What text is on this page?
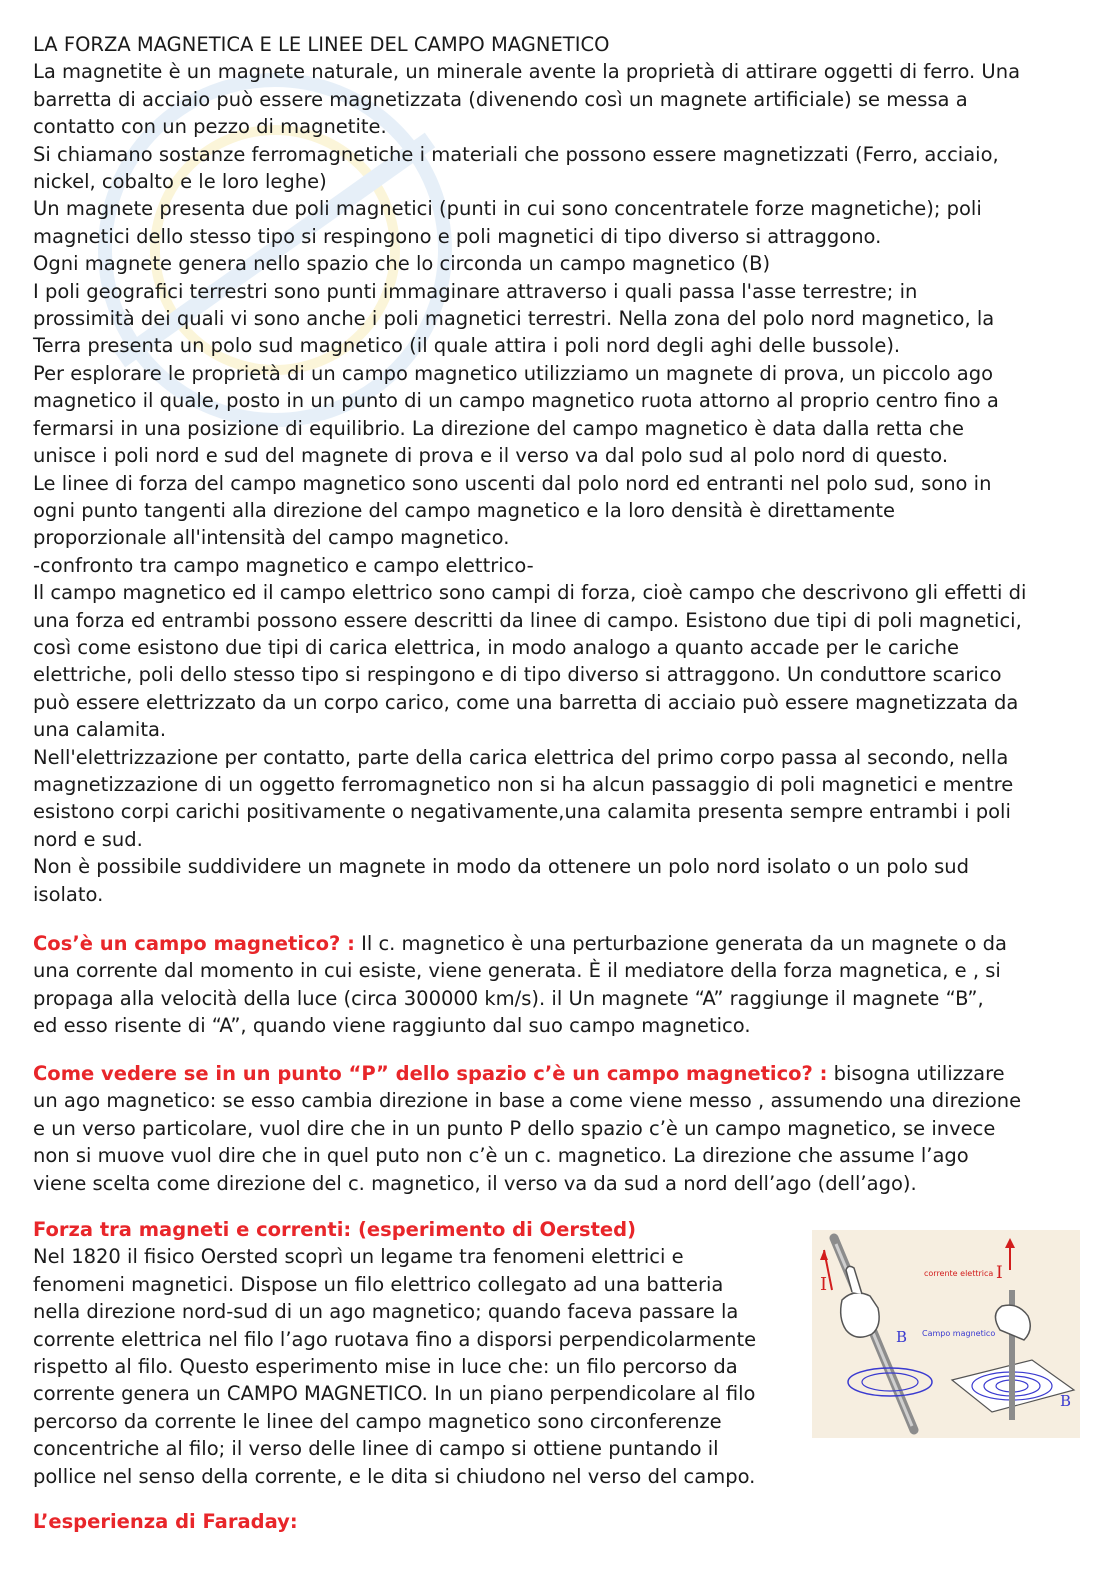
LA FORZA MAGNETICA E LE LINEE DEL CAMPO MAGNETICO
La magnetite è un magnete naturale, un minerale avente la proprietà di attirare oggetti di ferro. Una
barretta di acciaio può essere magnetizzata (divenendo così un magnete artificiale) se messa a
contatto con un pezzo di magnetite.
Si chiamano sostanze ferromagnetiche i materiali che possono essere magnetizzati (Ferro, acciaio,
nickel, cobalto e le loro leghe)
Un magnete presenta due poli magnetici (punti in cui sono concentratele forze magnetiche); poli
magnetici dello stesso tipo si respingono e poli magnetici di tipo diverso si attraggono.
Ogni magnete genera nello spazio che lo circonda un campo magnetico (B)
I poli geografici terrestri sono punti immaginare attraverso i quali passa l'asse terrestre; in
prossimità dei quali vi sono anche i poli magnetici terrestri. Nella zona del polo nord magnetico, la
Terra presenta un polo sud magnetico (il quale attira i poli nord degli aghi delle bussole).
Per esplorare le proprietà di un campo magnetico utilizziamo un magnete di prova, un piccolo ago
magnetico il quale, posto in un punto di un campo magnetico ruota attorno al proprio centro fino a
fermarsi in una posizione di equilibrio. La direzione del campo magnetico è data dalla retta che
unisce i poli nord e sud del magnete di prova e il verso va dal polo sud al polo nord di questo.
Le linee di forza del campo magnetico sono uscenti dal polo nord ed entranti nel polo sud, sono in
ogni punto tangenti alla direzione del campo magnetico e la loro densità è direttamente
proporzionale all'intensità del campo magnetico.
-confronto tra campo magnetico e campo elettrico-
Il campo magnetico ed il campo elettrico sono campi di forza, cioè campo che descrivono gli effetti di
una forza ed entrambi possono essere descritti da linee di campo. Esistono due tipi di poli magnetici,
così come esistono due tipi di carica elettrica, in modo analogo a quanto accade per le cariche
elettriche, poli dello stesso tipo si respingono e di tipo diverso si attraggono. Un conduttore scarico
può essere elettrizzato da un corpo carico, come una barretta di acciaio può essere magnetizzata da
una calamita.
Nell'elettrizzazione per contatto, parte della carica elettrica del primo corpo passa al secondo, nella
magnetizzazione di un oggetto ferromagnetico non si ha alcun passaggio di poli magnetici e mentre
esistono corpi carichi positivamente o negativamente,una calamita presenta sempre entrambi i poli
nord e sud.
Non è possibile suddividere un magnete in modo da ottenere un polo nord isolato o un polo sud
isolato.
Cos’è un campo magnetico? : Il c. magnetico è una perturbazione generata da un magnete o da
una corrente dal momento in cui esiste, viene generata. È il mediatore della forza magnetica, e , si
propaga alla velocità della luce (circa 300000 km/s). il Un magnete “A” raggiunge il magnete “B”,
ed esso risente di “A”, quando viene raggiunto dal suo campo magnetico.
Come vedere se in un punto “P” dello spazio c’è un campo magnetico? : bisogna utilizzare
un ago magnetico: se esso cambia direzione in base a come viene messo , assumendo una direzione
e un verso particolare, vuol dire che in un punto P dello spazio c’è un campo magnetico, se invece
non si muove vuol dire che in quel puto non c’è un c. magnetico. La direzione che assume l’ago
viene scelta come direzione del c. magnetico, il verso va da sud a nord dell’ago (dell’ago).
Forza tra magneti e correnti: (esperimento di Oersted)
Nel 1820 il fisico Oersted scoprì un legame tra fenomeni elettrici e
fenomeni magnetici. Dispose un filo elettrico collegato ad una batteria
nella direzione nord-sud di un ago magnetico; quando faceva passare la
corrente elettrica nel filo l’ago ruotava fino a disporsi perpendicolarmente
rispetto al filo. Questo esperimento mise in luce che: un filo percorso da
corrente genera un CAMPO MAGNETICO. In un piano perpendicolare al filo
percorso da corrente le linee del campo magnetico sono circonferenze
concentriche al filo; il verso delle linee di campo si ottiene puntando il
pollice nel senso della corrente, e le dita si chiudono nel verso del campo.
I
B
I
corrente elettrica
Campo magnetico
B
L’esperienza di Faraday:
